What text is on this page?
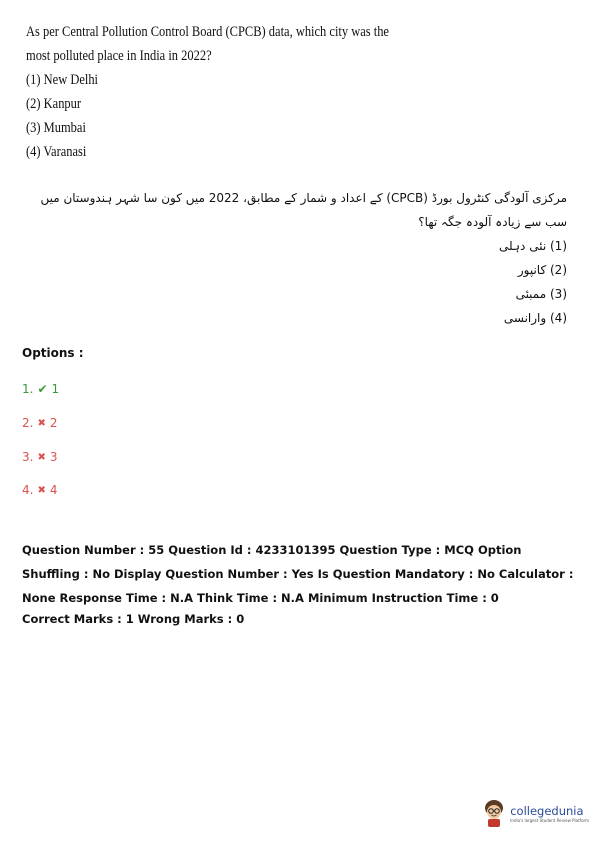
As per Central Pollution Control Board (CPCB) data, which city was the most polluted place in India in 2022?
(1) New Delhi
(2) Kanpur
(3) Mumbai
(4) Varanasi
مرکزی آلودگی کنٹرول بورڈ (CPCB) کے اعداد و شمار کے مطابق، 2022 میں کون سا شہر ہندوستان میں سب سے زیادہ آلودہ جگہ تھا؟
(1) نئی دہلی
(2) کانپور
(3) ممبئی
(4) وارانسی
Options :
1. ✔ 1
2. ✖ 2
3. ✖ 3
4. ✖ 4
Question Number : 55 Question Id : 4233101395 Question Type : MCQ Option Shuffling : No Display Question Number : Yes Is Question Mandatory : No Calculator : None Response Time : N.A Think Time : N.A Minimum Instruction Time : 0
Correct Marks : 1 Wrong Marks : 0
collegedunia
India's largest Student Review Platform
